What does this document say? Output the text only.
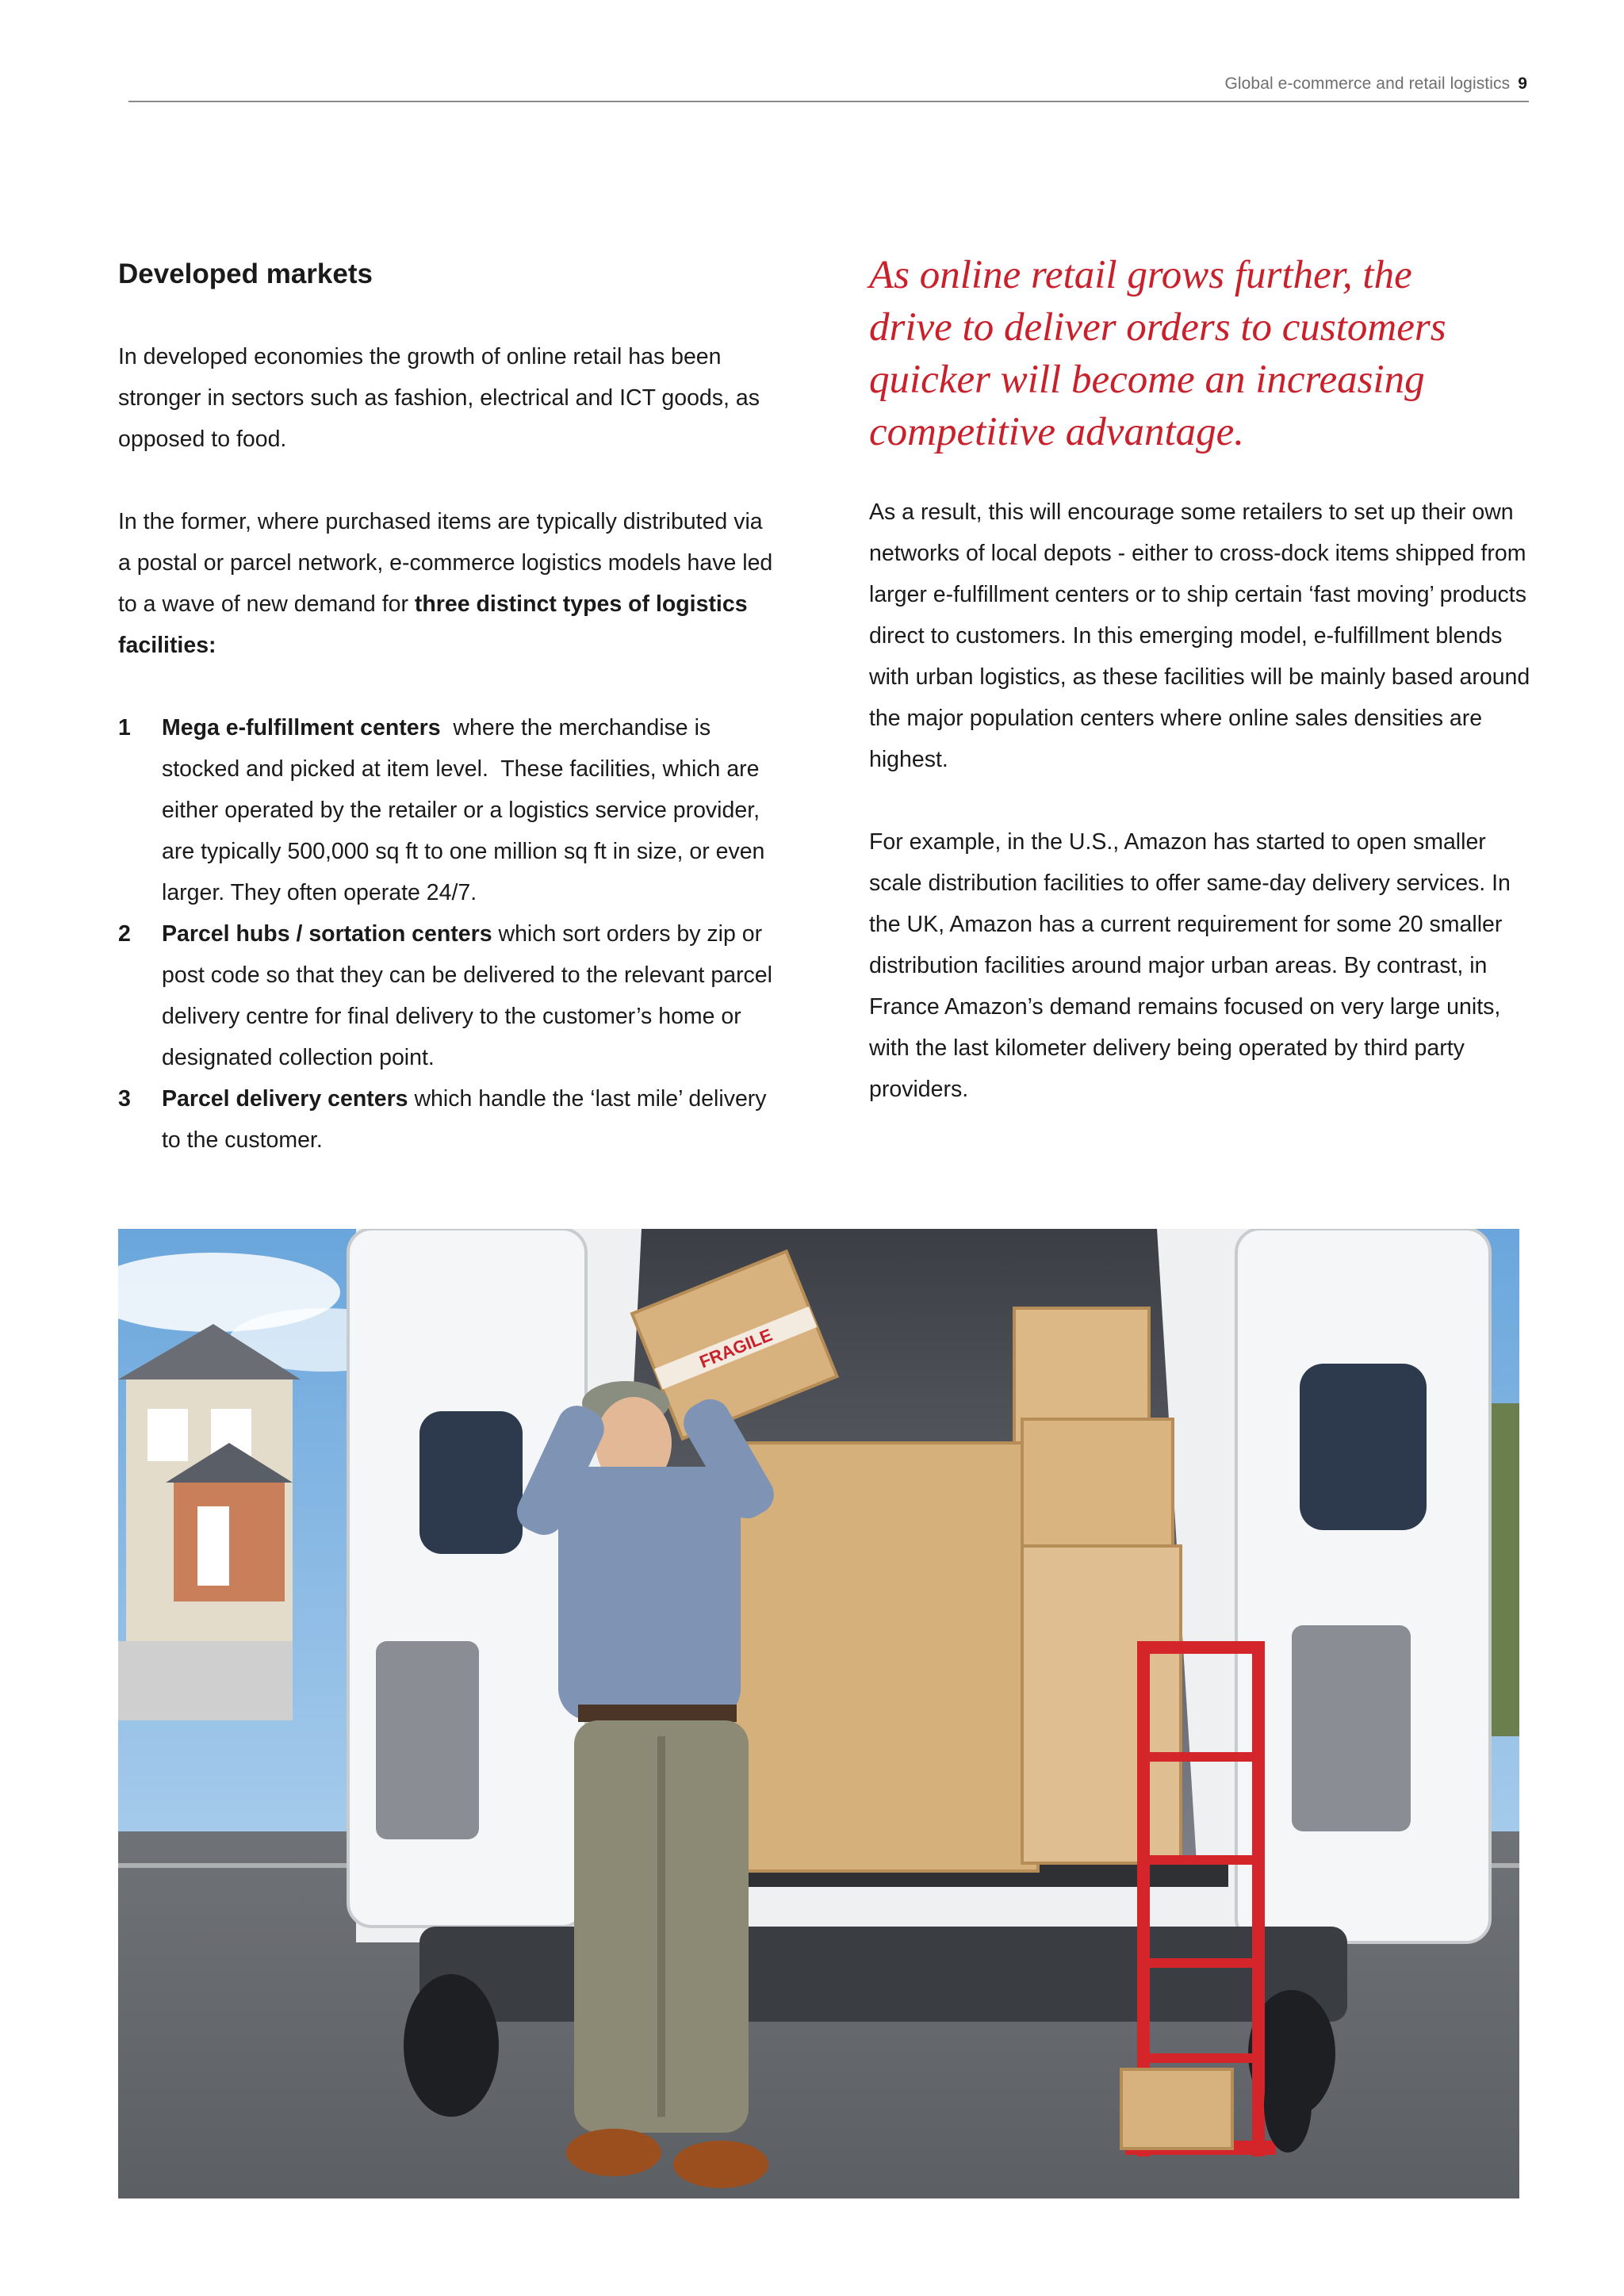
Global e-commerce and retail logistics 9
Developed markets

In developed economies the growth of online retail has been stronger in sectors such as fashion, electrical and ICT goods, as opposed to food.

In the former, where purchased items are typically distributed via a postal or parcel network, e-commerce logistics models have led to a wave of new demand for three distinct types of logistics facilities:

1 Mega e-fulfillment centers  where the merchandise is stocked and picked at item level.  These facilities, which are either operated by the retailer or a logistics service provider, are typically 500,000 sq ft to one million sq ft in size, or even larger. They often operate 24/7.
2 Parcel hubs / sortation centers which sort orders by zip or post code so that they can be delivered to the relevant parcel delivery centre for final delivery to the customer’s home or designated collection point.
3 Parcel delivery centers which handle the ‘last mile’ delivery to the customer.

As online retail grows further, the drive to deliver orders to customers quicker will become an increasing competitive advantage.

As a result, this will encourage some retailers to set up their own networks of local depots - either to cross-dock items shipped from larger e-fulfillment centers or to ship certain ‘fast moving’ products direct to customers. In this emerging model, e-fulfillment blends with urban logistics, as these facilities will be mainly based around the major population centers where online sales densities are highest.

For example, in the U.S., Amazon has started to open smaller scale distribution facilities to offer same-day delivery services. In the UK, Amazon has a current requirement for some 20 smaller distribution facilities around major urban areas. By contrast, in France Amazon’s demand remains focused on very large units, with the last kilometer delivery being operated by third party providers.

FRAGILE
